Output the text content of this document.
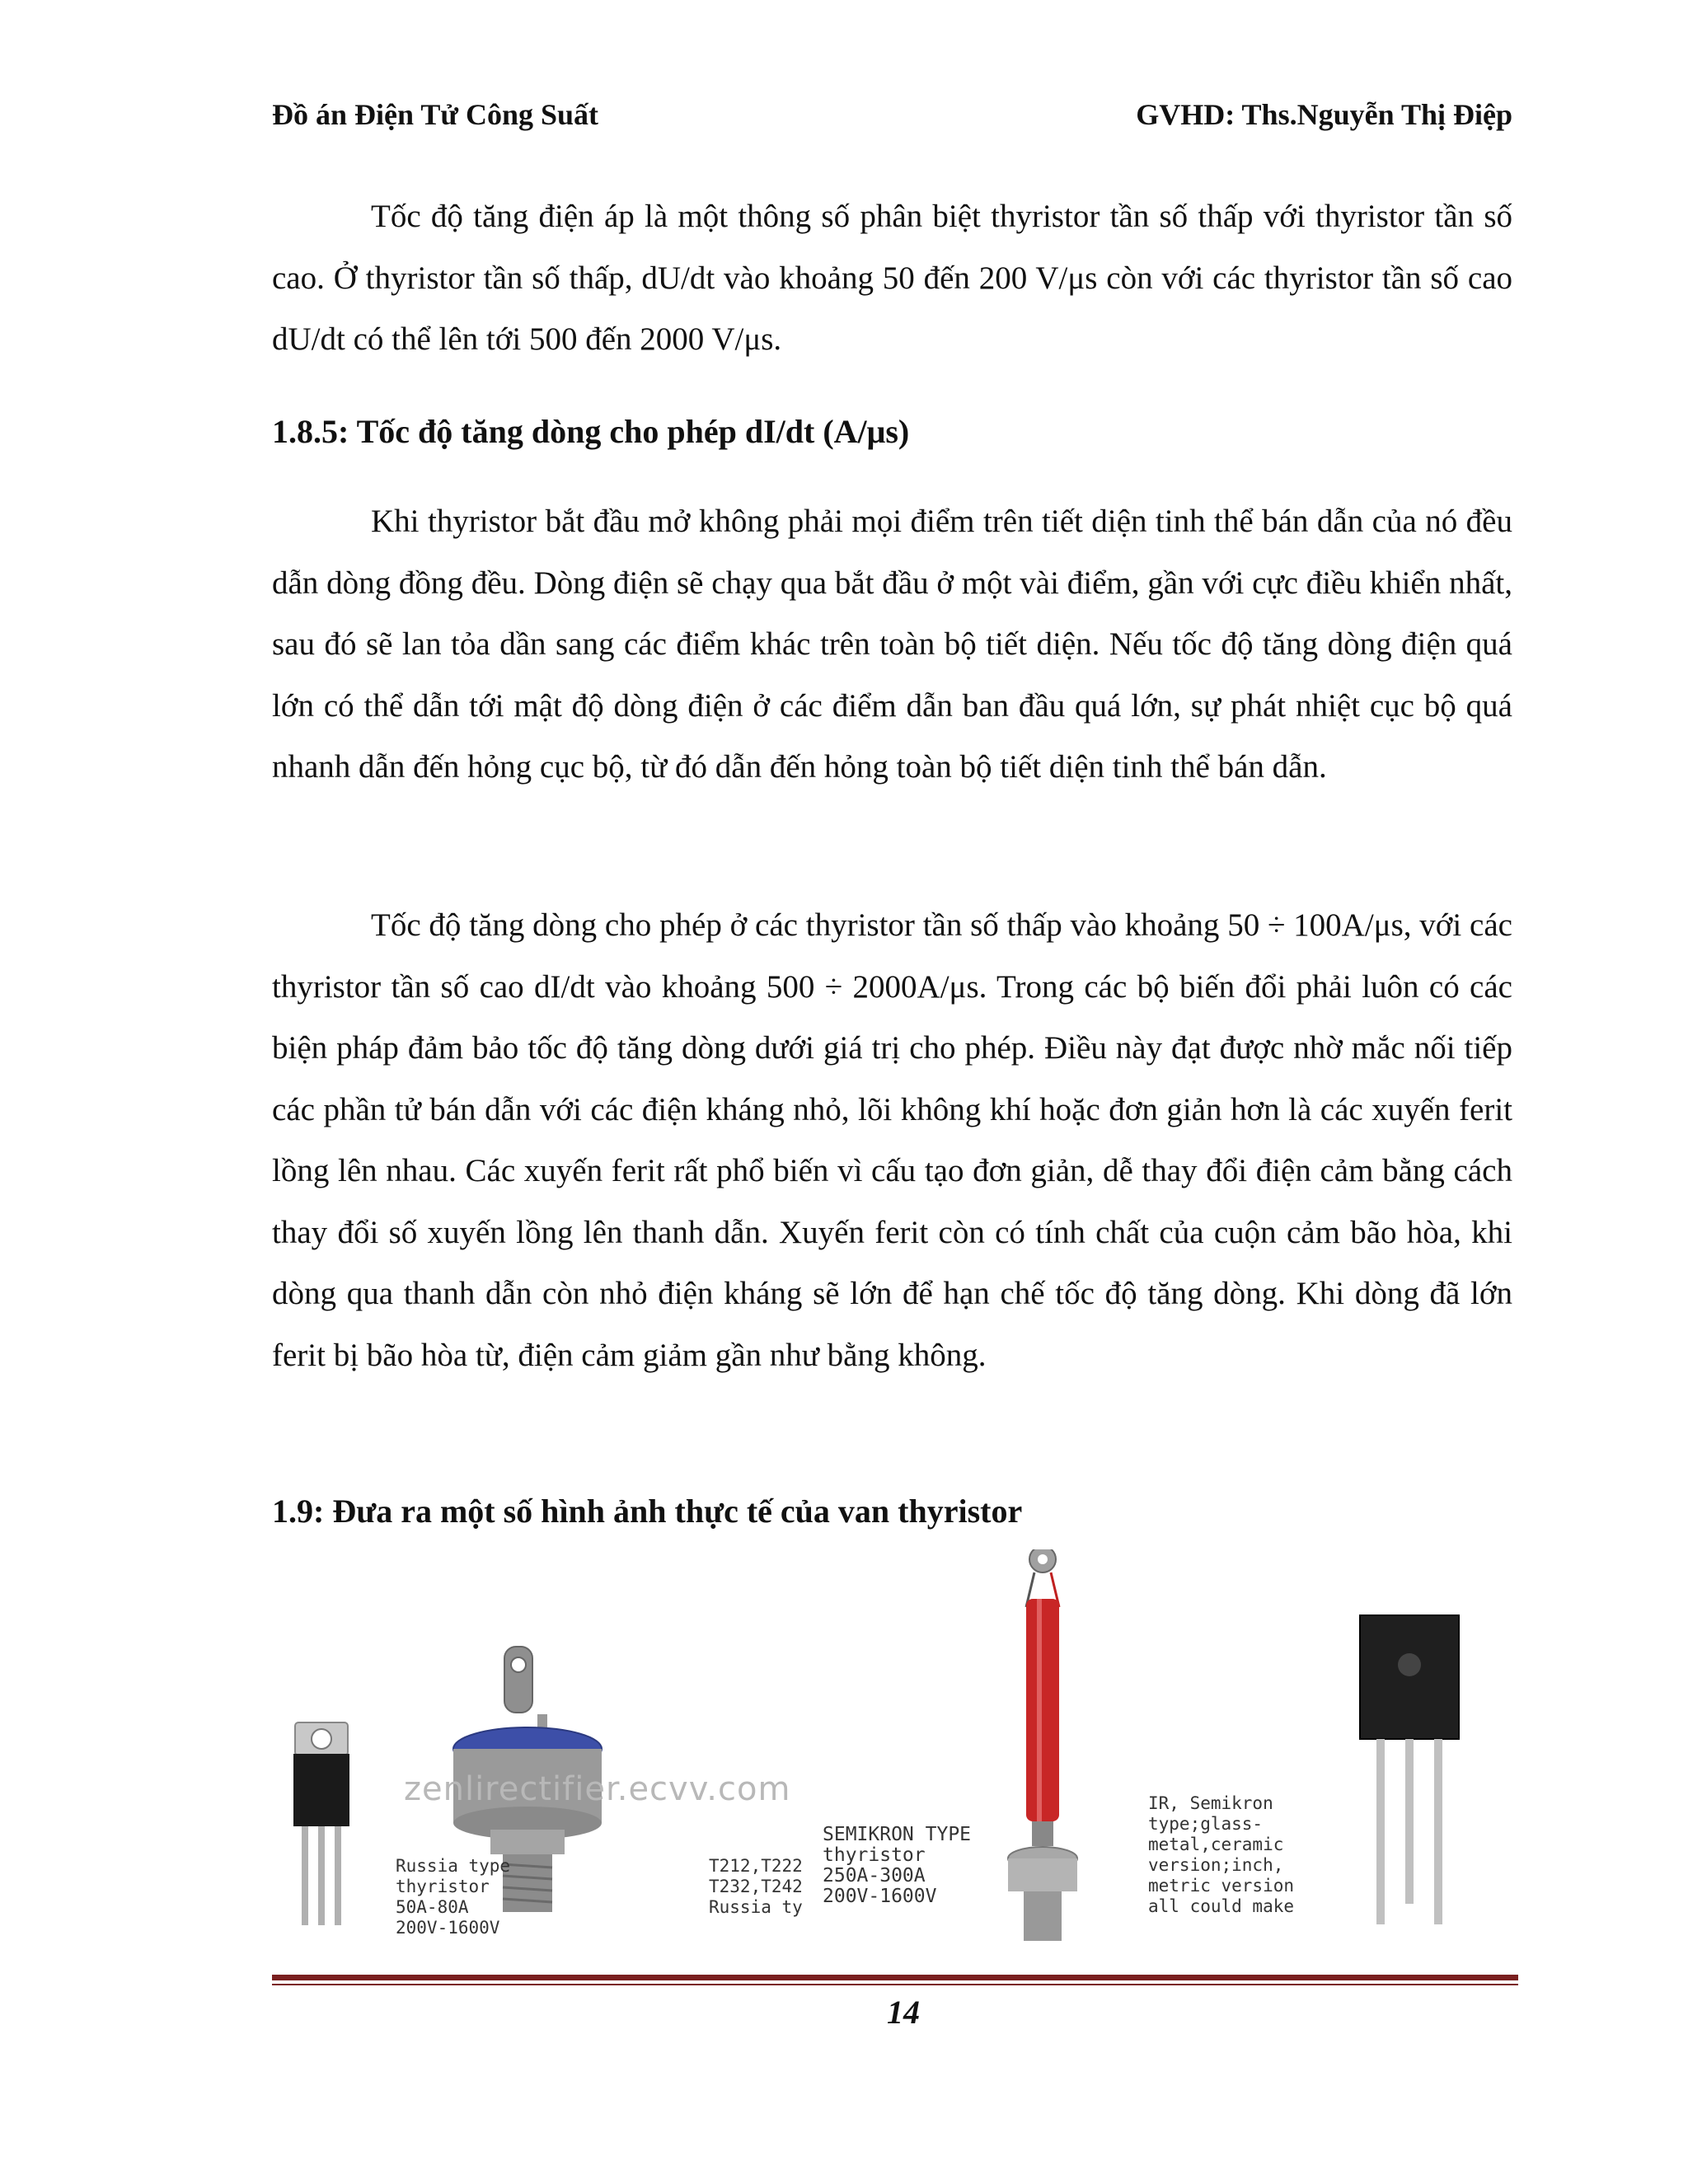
Đồ án Điện Tử Công Suất	GVHD: Ths.Nguyễn Thị Điệp
Tốc độ tăng điện áp là một thông số phân biệt thyristor tần số thấp với thyristor tần số cao. Ở thyristor tần số thấp, dU/dt vào khoảng 50 đến 200 V/μs còn với các thyristor tần số cao dU/dt có thể lên tới 500 đến 2000 V/μs.
1.8.5: Tốc độ tăng dòng cho phép dI/dt (A/μs)
Khi thyristor bắt đầu mở không phải mọi điểm trên tiết diện tinh thể bán dẫn của nó đều dẫn dòng đồng đều. Dòng điện sẽ chạy qua bắt đầu ở một vài điểm, gần với cực điều khiển nhất, sau đó sẽ lan tỏa dần sang các điểm khác trên toàn bộ tiết diện. Nếu tốc độ tăng dòng điện quá lớn có thể dẫn tới mật độ dòng điện ở các điểm dẫn ban đầu quá lớn, sự phát nhiệt cục bộ quá nhanh dẫn đến hỏng cục bộ, từ đó dẫn đến hỏng toàn bộ tiết diện tinh thể bán dẫn.
Tốc độ tăng dòng cho phép ở các thyristor tần số thấp vào khoảng 50 ÷ 100A/μs, với các thyristor tần số cao dI/dt vào khoảng 500 ÷ 2000A/μs. Trong các bộ biến đổi phải luôn có các biện pháp đảm bảo tốc độ tăng dòng dưới giá trị cho phép. Điều này đạt được nhờ mắc nối tiếp các phần tử bán dẫn với các điện kháng nhỏ, lõi không khí hoặc đơn giản hơn là các xuyến ferit lồng lên nhau. Các xuyến ferit rất phổ biến vì cấu tạo đơn giản, dễ thay đổi điện cảm bằng cách thay đổi số xuyến lồng lên thanh dẫn. Xuyến ferit còn có tính chất của cuộn cảm bão hòa, khi dòng qua thanh dẫn còn nhỏ điện kháng sẽ lớn để hạn chế tốc độ tăng dòng. Khi dòng đã lớn ferit bị bão hòa từ, điện cảm giảm gần như bằng không.
1.9: Đưa ra một số hình ảnh thực tế của van thyristor
zenlirectifier.ecvv.com
Russia type
thyristor
50A-80A
200V-1600V
T212,T222
T232,T242
Russia ty
SEMIKRON TYPE
thyristor
250A-300A
200V-1600V
IR, Semikron
type;glass-
metal,ceramic
version;inch,
metric version
all could make
14
